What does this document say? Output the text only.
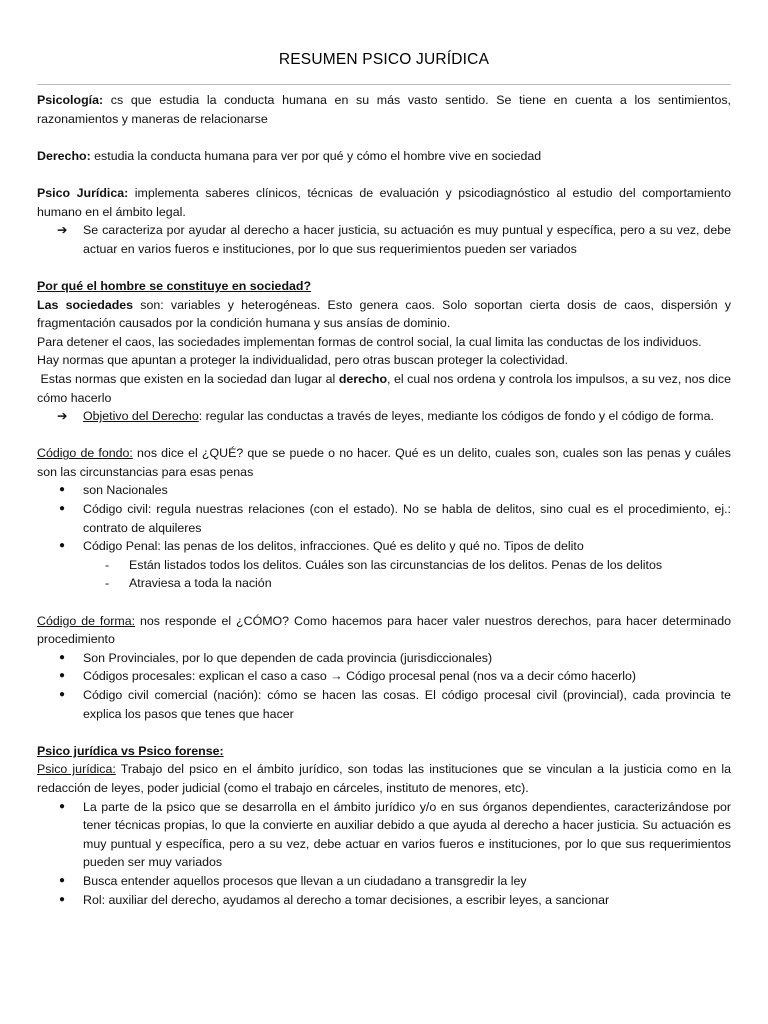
RESUMEN PSICO JURÍDICA

Psicología: cs que estudia la conducta humana en su más vasto sentido. Se tiene en cuenta a los sentimientos, razonamientos y maneras de relacionarse

Derecho: estudia la conducta humana para ver por qué y cómo el hombre vive en sociedad

Psico Jurídica: implementa saberes clínicos, técnicas de evaluación y psicodiagnóstico al estudio del comportamiento humano en el ámbito legal.

➔ Se caracteriza por ayudar al derecho a hacer justicia, su actuación es muy puntual y específica, pero a su vez, debe actuar en varios fueros e instituciones, por lo que sus requerimientos pueden ser variados

Por qué el hombre se constituye en sociedad?

Las sociedades son: variables y heterogéneas. Esto genera caos. Solo soportan cierta dosis de caos, dispersión y fragmentación causados por la condición humana y sus ansías de dominio.

Para detener el caos, las sociedades implementan formas de control social, la cual limita las conductas de los individuos.

Hay normas que apuntan a proteger la individualidad, pero otras buscan proteger la colectividad.

Estas normas que existen en la sociedad dan lugar al derecho, el cual nos ordena y controla los impulsos, a su vez, nos dice cómo hacerlo

➔ Objetivo del Derecho: regular las conductas a través de leyes, mediante los códigos de fondo y el código de forma.

Código de fondo: nos dice el ¿QUÉ? que se puede o no hacer. Qué es un delito, cuales son, cuales son las penas y cuáles son las circunstancias para esas penas

● son Nacionales
● Código civil: regula nuestras relaciones (con el estado). No se habla de delitos, sino cual es el procedimiento, ej.: contrato de alquileres
● Código Penal: las penas de los delitos, infracciones. Qué es delito y qué no. Tipos de delito
- Están listados todos los delitos. Cuáles son las circunstancias de los delitos. Penas de los delitos
- Atraviesa a toda la nación

Código de forma: nos responde el ¿CÓMO? Como hacemos para hacer valer nuestros derechos, para hacer determinado procedimiento

● Son Provinciales, por lo que dependen de cada provincia (jurisdiccionales)
● Códigos procesales: explican el caso a caso → Código procesal penal (nos va a decir cómo hacerlo)
● Código civil comercial (nación): cómo se hacen las cosas. El código procesal civil (provincial), cada provincia te explica los pasos que tenes que hacer

Psico jurídica vs Psico forense:

Psico jurídica: Trabajo del psico en el ámbito jurídico, son todas las instituciones que se vinculan a la justicia como en la redacción de leyes, poder judicial (como el trabajo en cárceles, instituto de menores, etc).

● La parte de la psico que se desarrolla en el ámbito jurídico y/o en sus órganos dependientes, caracterizándose por tener técnicas propias, lo que la convierte en auxiliar debido a que ayuda al derecho a hacer justicia. Su actuación es muy puntual y específica, pero a su vez, debe actuar en varios fueros e instituciones, por lo que sus requerimientos pueden ser muy variados
● Busca entender aquellos procesos que llevan a un ciudadano a transgredir la ley
● Rol: auxiliar del derecho, ayudamos al derecho a tomar decisiones, a escribir leyes, a sancionar
